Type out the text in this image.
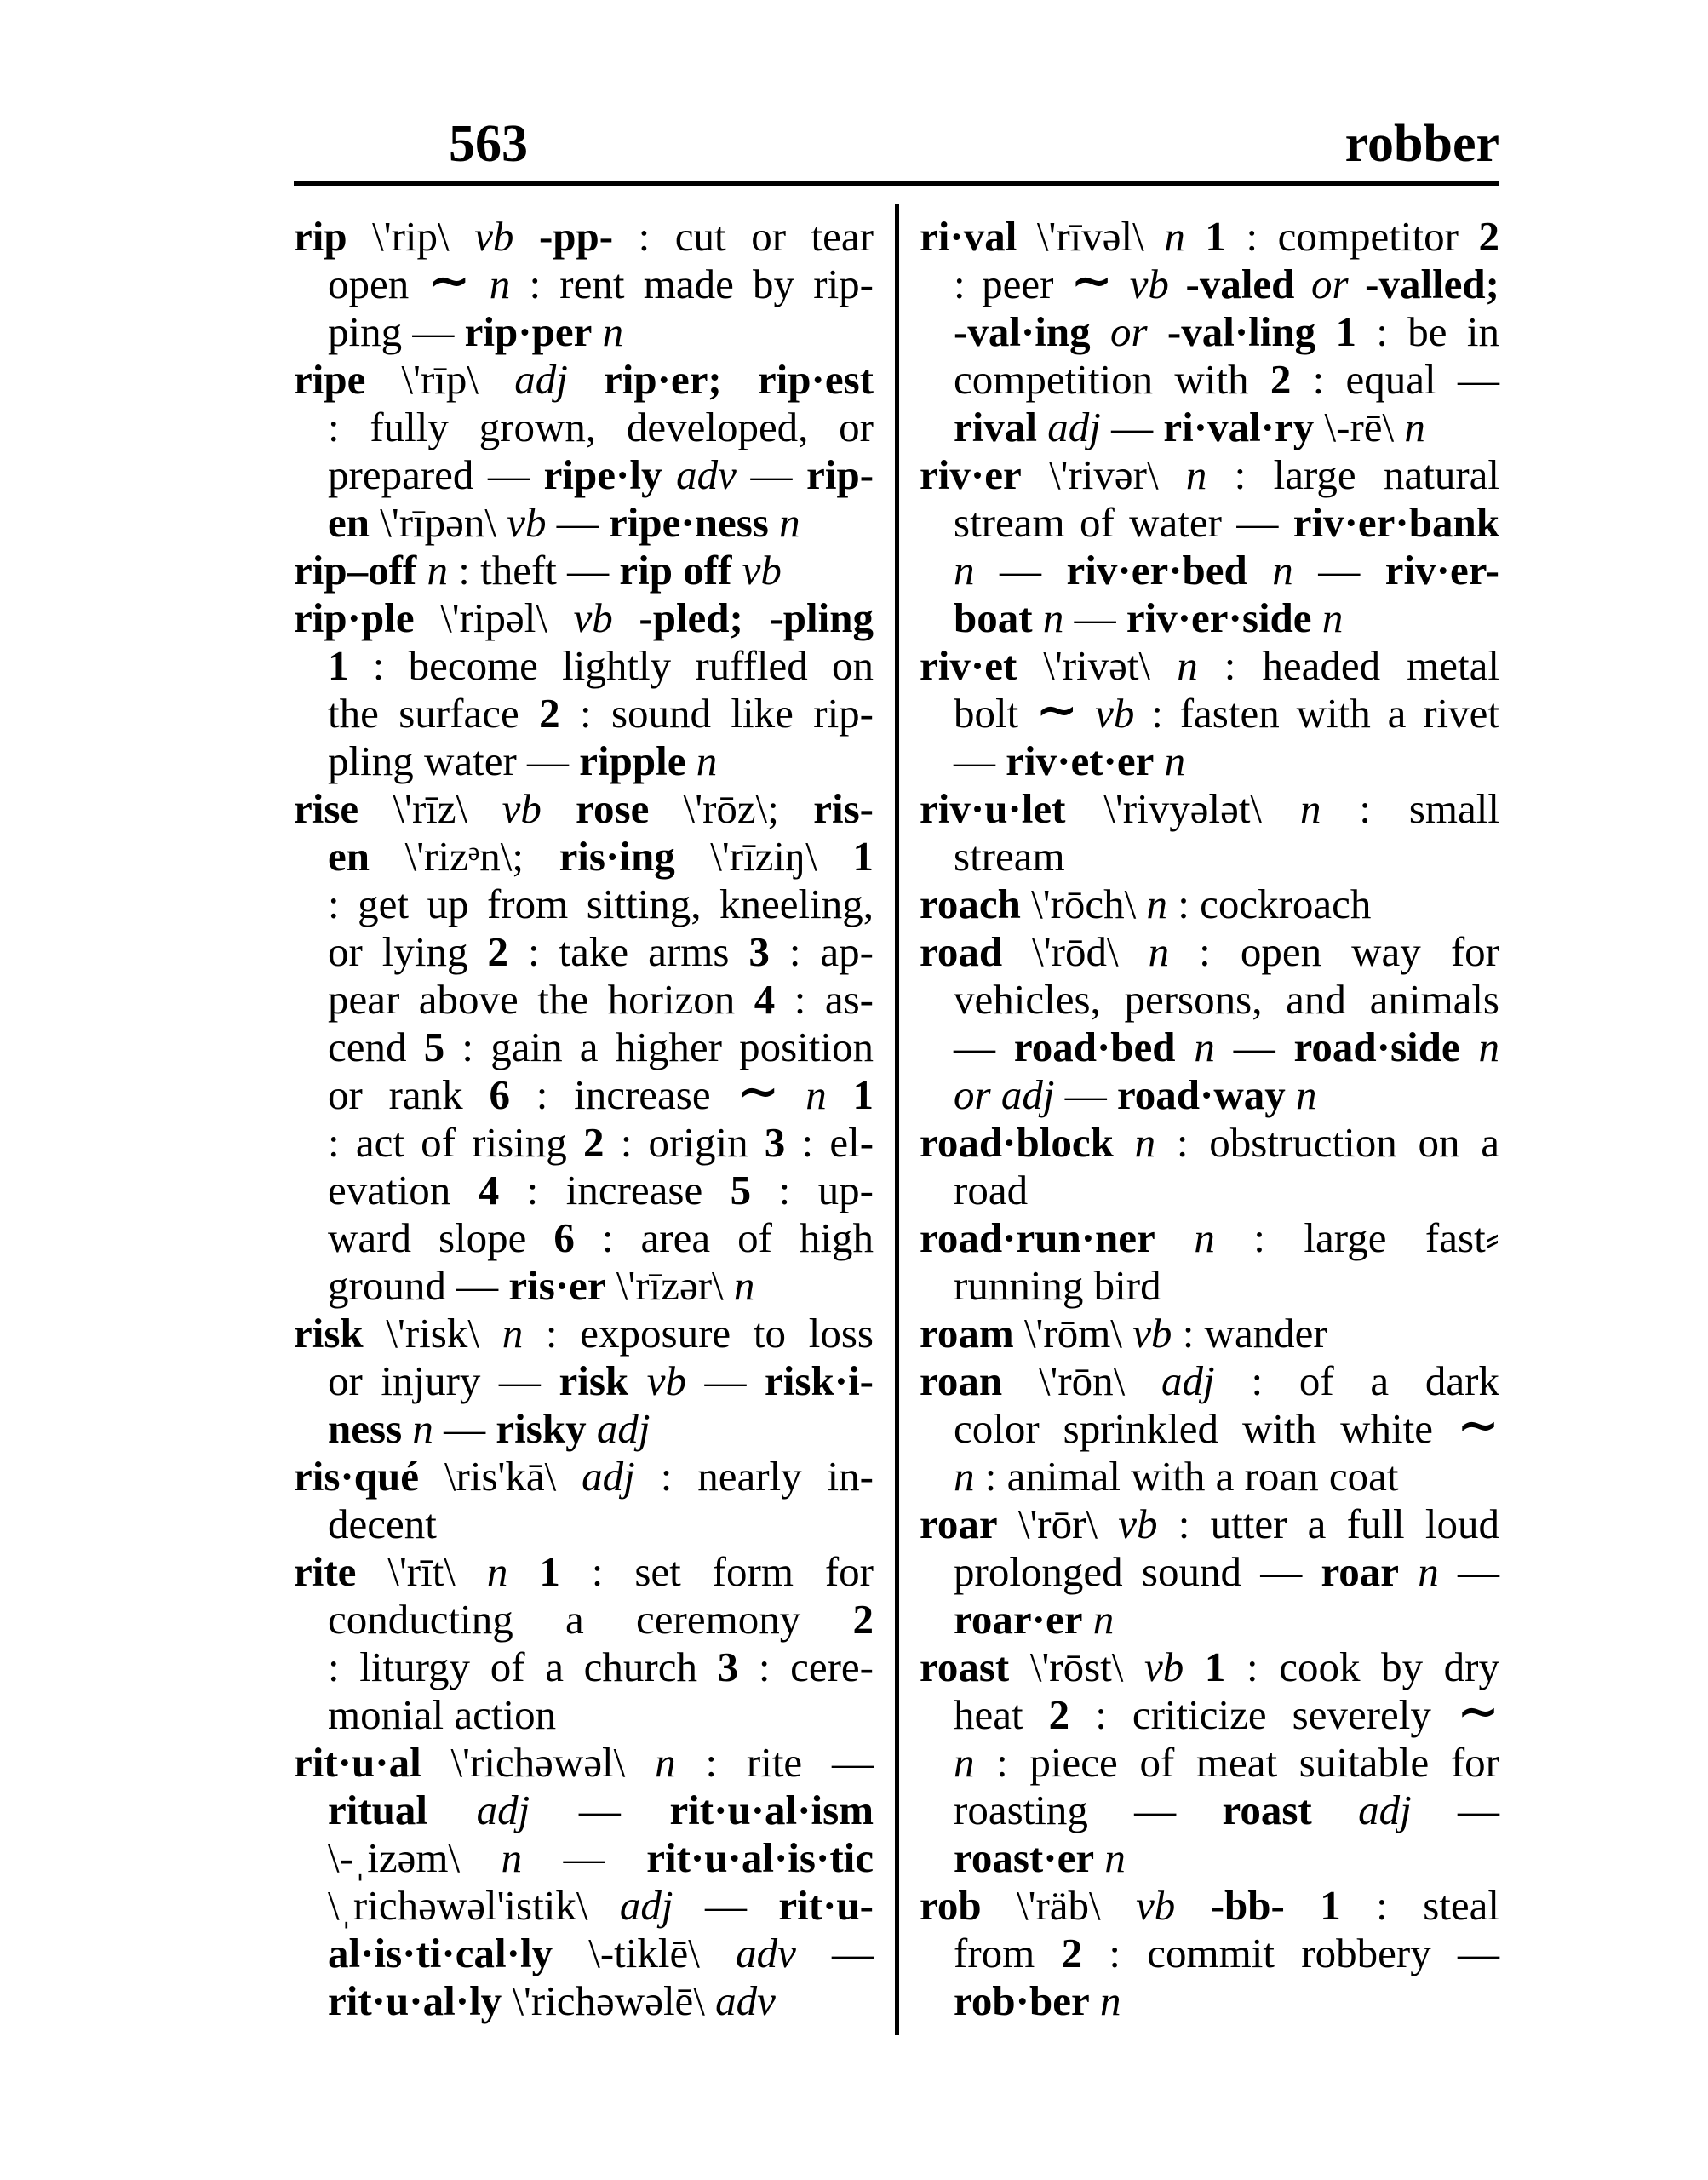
563	robber
rip \'rip\ vb -pp- : cut or tear
open ∼ n : rent made by rip-
ping — rip·per n
ripe \'rīp\ adj rip·er; rip·est
: fully grown, developed, or
prepared — ripe·ly adv — rip-
en \'rīpən\ vb — ripe·ness n
rip–off n : theft — rip off vb
rip·ple \'ripəl\ vb -pled; -pling
1 : become lightly ruffled on
the surface 2 : sound like rip-
pling water — ripple n
rise \'rīz\ vb rose \'rōz\; ris-
en \'riz$^ə$n\; ris·ing \'rīziŋ\ 1
: get up from sitting, kneeling,
or lying 2 : take arms 3 : ap-
pear above the horizon 4 : as-
cend 5 : gain a higher position
or rank 6 : increase ∼ n 1
: act of rising 2 : origin 3 : el-
evation 4 : increase 5 : up-
ward slope 6 : area of high
ground — ris·er \'rīzər\ n
risk \'risk\ n : exposure to loss
or injury — risk vb — risk·i-
ness n — risky adj
ris·qué \ris'kā\ adj : nearly in-
decent
rite \'rīt\ n 1 : set form for
conducting a ceremony 2
: liturgy of a church 3 : cere-
monial action
rit·u·al \'richəwəl\ n : rite —
ritual adj — rit·u·al·ism
\-ˌizəm\ n — rit·u·al·is·tic
\ˌrichəwəl'istik\ adj — rit·u-
al·is·ti·cal·ly \-tiklē\ adv —
rit·u·al·ly \'richəwəlē\ adv
ri·val \'rīvəl\ n 1 : competitor 2
: peer ∼ vb -valed or -valled;
-val·ing or -val·ling 1 : be in
competition with 2 : equal —
rival adj — ri·val·ry \-rē\ n
riv·er \'rivər\ n : large natural
stream of water — riv·er·bank
n — riv·er·bed n — riv·er-
boat n — riv·er·side n
riv·et \'rivət\ n : headed metal
bolt ∼ vb : fasten with a rivet
— riv·et·er n
riv·u·let \'rivyələt\ n : small
stream
roach \'rōch\ n : cockroach
road \'rōd\ n : open way for
vehicles, persons, and animals
— road·bed n — road·side n
or adj — road·way n
road·block n : obstruction on a
road
road·run·ner n : large fast⸗
running bird
roam \'rōm\ vb : wander
roan \'rōn\ adj : of a dark
color sprinkled with white ∼
n : animal with a roan coat
roar \'rōr\ vb : utter a full loud
prolonged sound — roar n —
roar·er n
roast \'rōst\ vb 1 : cook by dry
heat 2 : criticize severely ∼
n : piece of meat suitable for
roasting — roast adj —
roast·er n
rob \'räb\ vb -bb- 1 : steal
from 2 : commit robbery —
rob·ber n
